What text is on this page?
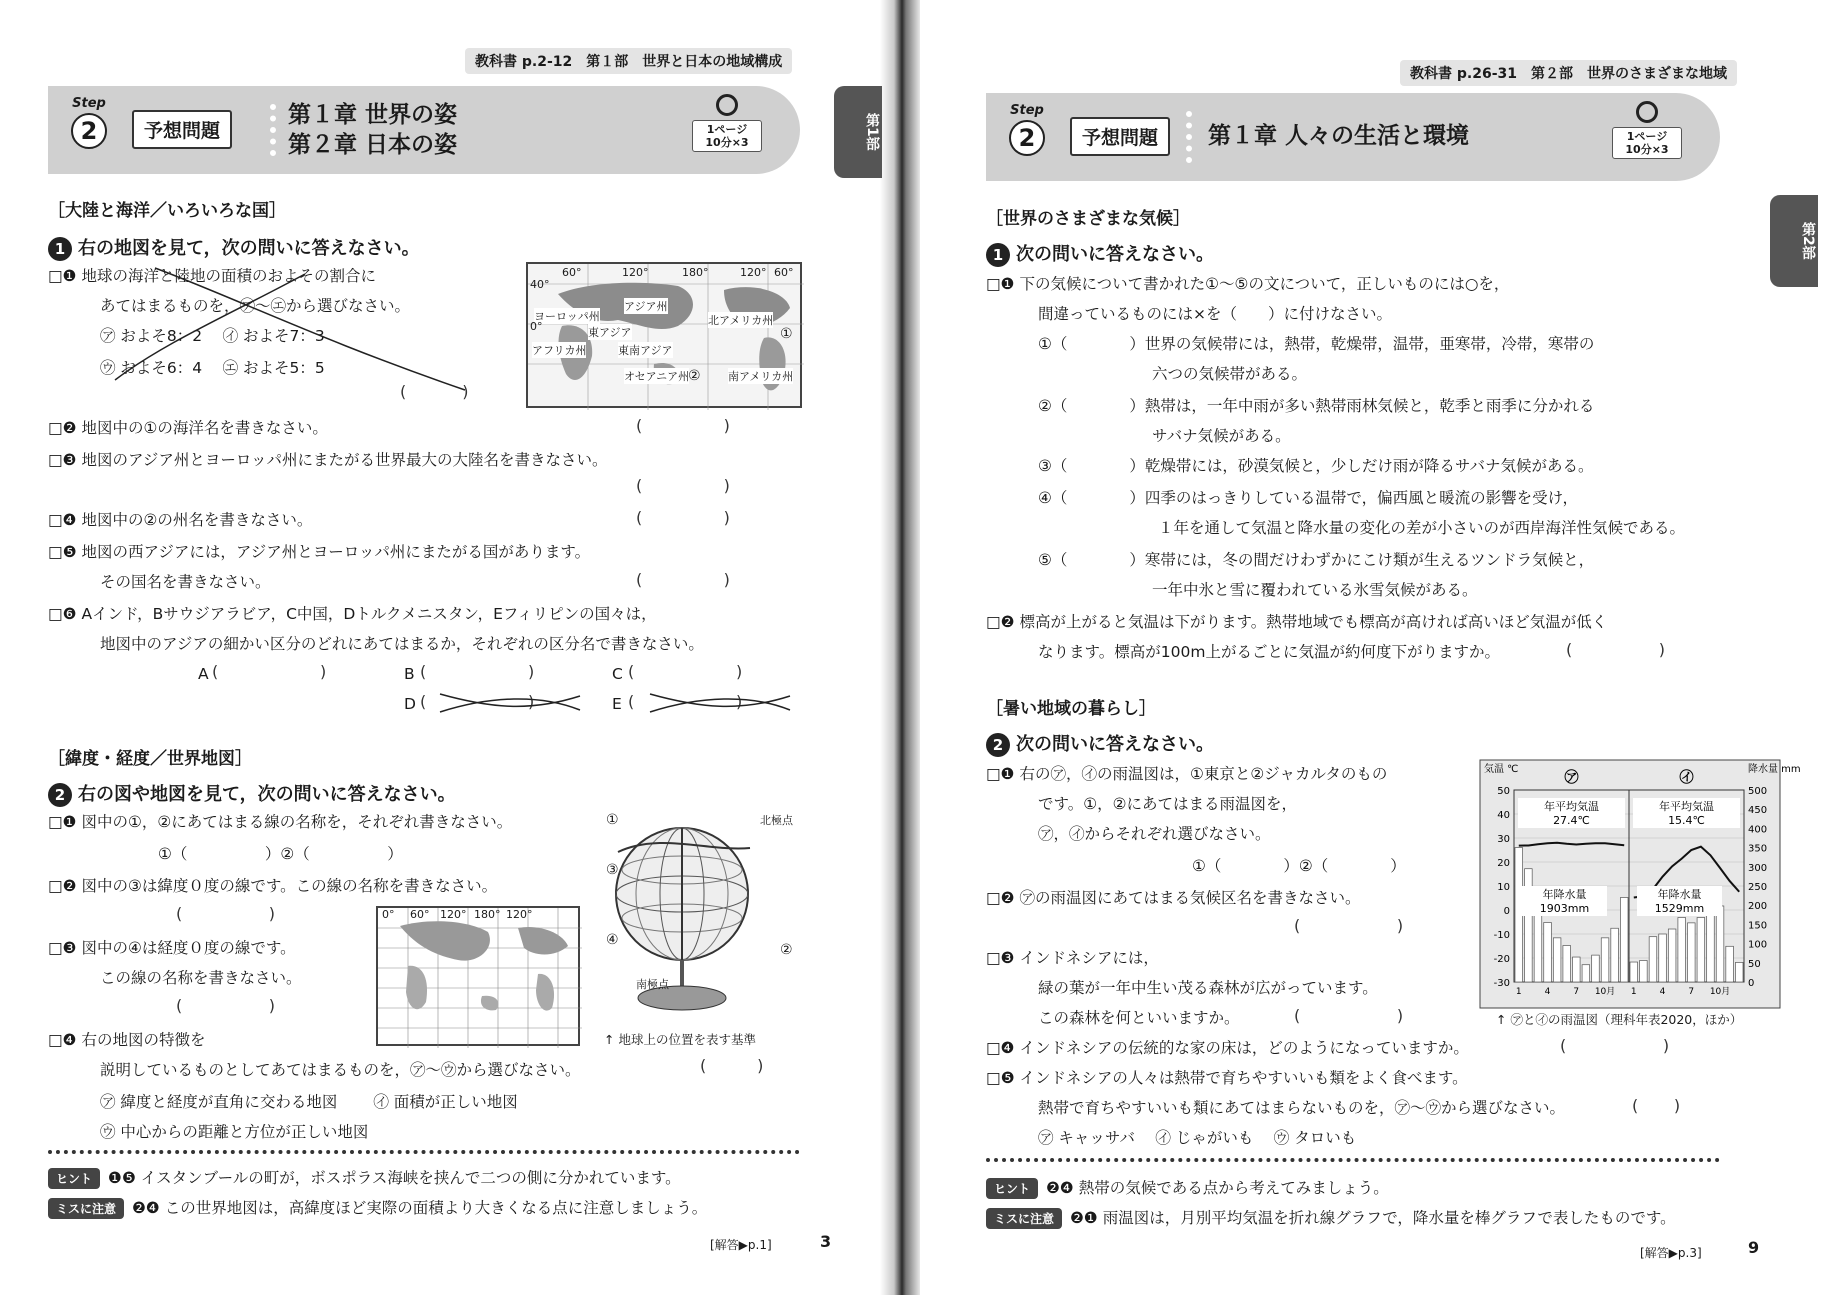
教科書 p.2-12　第１部　世界と日本の地域構成
Step
2	予想問題
第１章 世界の姿
第２章 日本の姿
1ページ
10分×3	第1部
［大陸と海洋／いろいろな国］
1 右の地図を見て，次の問いに答えなさい。
□❶ 地球の海洋と陸地の面積のおよその割合に
あてはまるものを，㋐〜㋓から選びなさい。
㋐ およそ8：2　 ㋑ およそ7：3
㋒ およそ6：4　 ㋓ およそ5：5
(           )
60°	120°	180°	120° 60°
ヨーロッパ州
アジア州
北アメリカ州
アフリカ州
南アメリカ州
オセアニア州
東アジア
東南アジア
①
②
40°
0°
□❷ 地図中の①の海洋名を書きなさい。	(                )
□❸ 地図のアジア州とヨーロッパ州にまたがる世界最大の大陸名を書きなさい。
(                )
□❹ 地図中の②の州名を書きなさい。	(                )
□❺ 地図の西アジアには，アジア州とヨーロッパ州にまたがる国があります。
その国名を書きなさい。	(                )
□❻ Aインド，Bサウジアラビア，C中国，Dトルクメニスタン，Eフィリピンの国々は，
地図中のアジアの細かい区分のどれにあてはまるか，それぞれの区分名で書きなさい。
A (                    )	B (                    )	C (                    )
D (                    )	E (                    )
［緯度・経度／世界地図］
2 右の図や地図を見て，次の問いに答えなさい。
□❶ 図中の①，②にあてはまる線の名称を，それぞれ書きなさい。
①（　　　　　）②（　　　　　）
□❷ 図中の③は緯度０度の線です。この線の名称を書きなさい。
(                 )
□❸ 図中の④は経度０度の線です。
この線の名称を書きなさい。
(                 )
0° 60° 120° 180° 120°
①
③
④
②
北極点
南極点
↑ 地球上の位置を表す基準
□❹ 右の地図の特徴を
説明しているものとしてあてはまるものを，㋐〜㋒から選びなさい。	(          )
㋐ 緯度と経度が直角に交わる地図　　 ㋑ 面積が正しい地図
㋒ 中心からの距離と方位が正しい地図
ヒント ❶❺ イスタンブールの町が，ボスポラス海峡を挟んで二つの側に分かれています。
ミスに注意 ❷❹ この世界地図は，高緯度ほど実際の面積より大きくなる点に注意しましょう。
[解答▶p.1]	3
教科書 p.26-31　第２部　世界のさまざまな地域
Step
2	予想問題	第１章 人々の生活と環境	1ページ
10分×3
第2部
［世界のさまざまな気候］
1 次の問いに答えなさい。
□❶ 下の気候について書かれた①〜⑤の文について，正しいものには○を，
間違っているものには×を（　　）に付けなさい。
①（　　　　）世界の気候帯には，熱帯，乾燥帯，温帯，亜寒帯，冷帯，寒帯の
六つの気候帯がある。
②（　　　　）熱帯は，一年中雨が多い熱帯雨林気候と，乾季と雨季に分かれる
サバナ気候がある。
③（　　　　）乾燥帯には，砂漠気候と，少しだけ雨が降るサバナ気候がある。
④（　　　　）四季のはっきりしている温帯で，偏西風と暖流の影響を受け，
１年を通して気温と降水量の変化の差が小さいのが西岸海洋性気候である。
⑤（　　　　）寒帯には，冬の間だけわずかにこけ類が生えるツンドラ気候と，
一年中氷と雪に覆われている氷雪気候がある。
□❷ 標高が上がると気温は下がります。熱帯地域でも標高が高ければ高いほど気温が低く
なります。標高が100m上がるごとに気温が約何度下がりますか。	(                 )
［暑い地域の暮らし］
2 次の問いに答えなさい。
□❶ 右の㋐，㋑の雨温図は，①東京と②ジャカルタのもの
です。①，②にあてはまる雨温図を，
㋐，㋑からそれぞれ選びなさい。
①（　　　　）②（　　　　）
□❷ ㋐の雨温図にあてはまる気候区名を書きなさい。
(                   )
□❸ インドネシアには，
緑の葉が一年中生い茂る森林が広がっています。
この森林を何といいますか。	(                   )
□❹ インドネシアの伝統的な家の床は，どのようになっていますか。	(                   )
□❺ インドネシアの人々は熱帯で育ちやすいいも類をよく食べます。
熱帯で育ちやすいいも類にあてはまらないものを，㋐〜㋒から選びなさい。	(       )
㋐ キャッサバ　 ㋑ じゃがいも　 ㋒ タロいも
気温 ℃	降水量 mm
50
40
30
20
10
0
-10
-20
-30
500
450
400
350
300
250
200
150
100
50
0
㋐
年平均気温
27.4℃
年降水量
1903mm
1	4	7 10月
㋑
年平均気温
15.4℃
年降水量
1529mm
1	4	7 10月
↑ ㋐と㋑の雨温図（理科年表2020，ほか）
ヒント ❷❹ 熱帯の気候である点から考えてみましょう。
ミスに注意 ❷❶ 雨温図は，月別平均気温を折れ線グラフで，降水量を棒グラフで表したものです。
[解答▶p.3]	9
